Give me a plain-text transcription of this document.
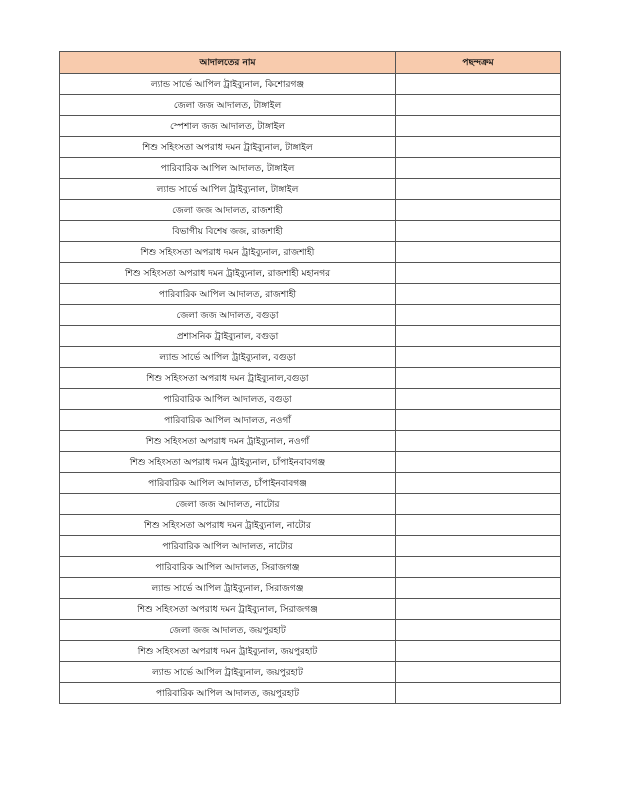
আদালতের নাম	পছন্দক্রম
ল্যান্ড সার্ভে আপিল ট্রাইব্যুনাল, কিশোরগঞ্জ	
জেলা জজ আদালত, টাঙ্গাইল	
স্পেশাল জজ আদালত, টাঙ্গাইল	
শিশু সহিংসতা অপরাধ দমন ট্রাইব্যুনাল, টাঙ্গাইল	
পারিবারিক আপিল আদালত, টাঙ্গাইল	
ল্যান্ড সার্ভে আপিল ট্রাইব্যুনাল, টাঙ্গাইল	
জেলা জজ আদালত, রাজশাহী	
বিভাগীয় বিশেষ জজ, রাজশাহী	
শিশু সহিংসতা অপরাধ দমন ট্রাইব্যুনাল, রাজশাহী	
শিশু সহিংসতা অপরাধ দমন ট্রাইব্যুনাল, রাজশাহী মহানগর	
পারিবারিক আপিল আদালত, রাজশাহী	
জেলা জজ আদালত, বগুড়া	
প্রশাসনিক ট্রাইব্যুনাল, বগুড়া	
ল্যান্ড সার্ভে আপিল ট্রাইব্যুনাল, বগুড়া	
শিশু সহিংসতা অপরাধ দমন ট্রাইব্যুনাল,বগুড়া	
পারিবারিক আপিল আদালত, বগুড়া	
পারিবারিক আপিল আদালত, নওগাঁ	
শিশু সহিংসতা অপরাধ দমন ট্রাইব্যুনাল, নওগাঁ	
শিশু সহিংসতা অপরাধ দমন ট্রাইব্যুনাল, চাঁপাইনবাবগঞ্জ	
পারিবারিক আপিল আদালত, চাঁপাইনবাবগঞ্জ	
জেলা জজ আদালত, নাটোর	
শিশু সহিংসতা অপরাধ দমন ট্রাইব্যুনাল, নাটোর	
পারিবারিক আপিল আদালত, নাটোর	
পারিবারিক আপিল আদালত, সিরাজগঞ্জ	
ল্যান্ড সার্ভে আপিল ট্রাইব্যুনাল, সিরাজগঞ্জ	
শিশু সহিংসতা অপরাধ দমন ট্রাইব্যুনাল, সিরাজগঞ্জ	
জেলা জজ আদালত, জয়পুরহাট	
শিশু সহিংসতা অপরাধ দমন ট্রাইব্যুনাল, জয়পুরহাট	
ল্যান্ড সার্ভে আপিল ট্রাইব্যুনাল, জয়পুরহাট	
পারিবারিক আপিল আদালত, জয়পুরহাট	
